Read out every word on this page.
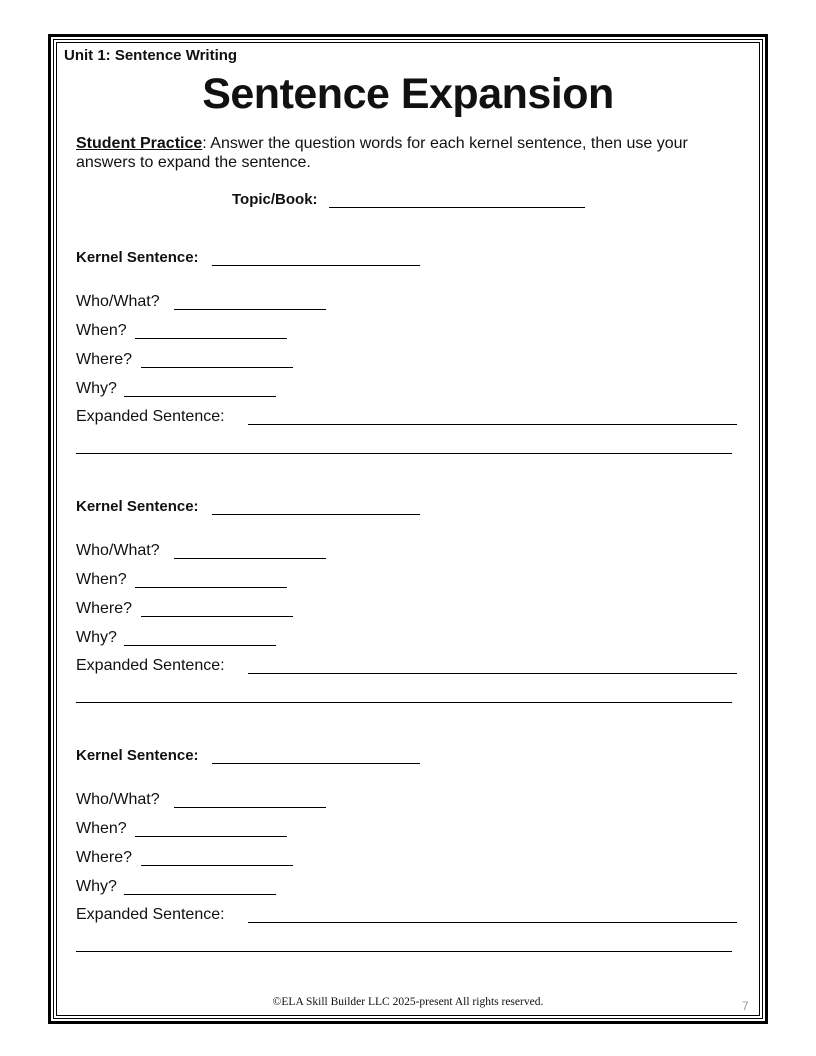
Unit 1: Sentence Writing
Sentence Expansion
Student Practice: Answer the question words for each kernel sentence, then use your answers to expand the sentence.
Topic/Book:
Kernel Sentence:
Who/What?
When?
Where?
Why?
Expanded Sentence:
Kernel Sentence:
Who/What?
When?
Where?
Why?
Expanded Sentence:
Kernel Sentence:
Who/What?
When?
Where?
Why?
Expanded Sentence:
©ELA Skill Builder LLC 2025-present All rights reserved.	7
